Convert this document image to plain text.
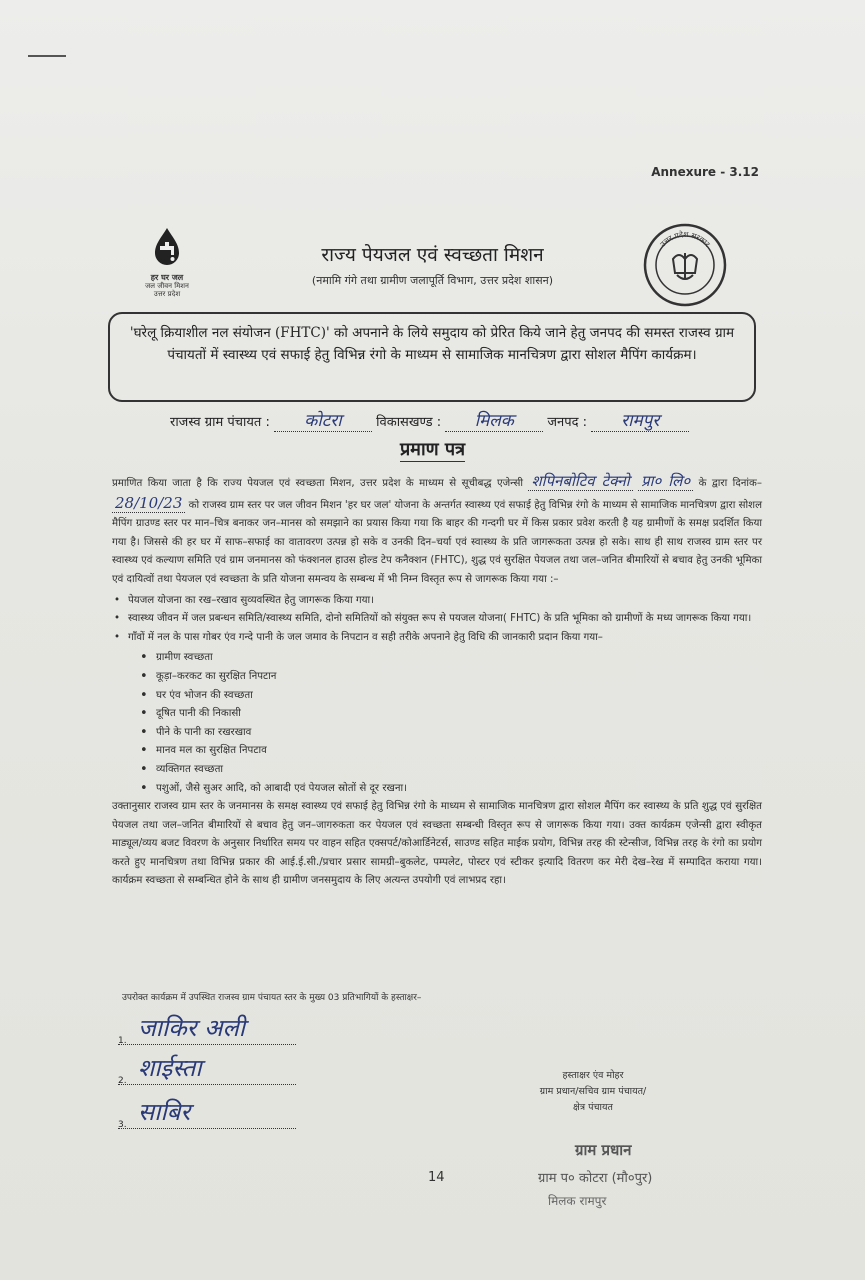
Annexure - 3.12
हर घर जल
जल जीवन मिशन
उत्तर प्रदेश
उत्तर प्रदेश सरकार
राज्य पेयजल एवं स्वच्छता मिशन
(नमामि गंगे तथा ग्रामीण जलापूर्ति विभाग, उत्तर प्रदेश शासन)
'घरेलू क्रियाशील नल संयोजन (FHTC)' को अपनाने के लिये समुदाय को प्रेरित किये जाने हेतु जनपद की समस्त राजस्व ग्राम पंचायतों में स्वास्थ्य एवं सफाई हेतु विभिन्न रंगो के माध्यम से सामाजिक मानचित्रण द्वारा सोशल मैपिंग कार्यक्रम।
राजस्व ग्राम पंचायत : कोटरा	विकासखण्ड : मिलक	जनपद : रामपुर
प्रमाण पत्र

प्रमाणित किया जाता है कि राज्य पेयजल एवं स्वच्छता मिशन, उत्तर प्रदेश के माध्यम से सूचीबद्ध एजेन्सी शपिनबोटिव टेक्नो प्रा० लि० के द्वारा दिनांक– 28/10/23 को राजस्व ग्राम स्तर पर जल जीवन मिशन 'हर घर जल' योजना के अन्तर्गत स्वास्थ्य एवं सफाई हेतु विभिन्न रंगो के माध्यम से सामाजिक मानचित्रण द्वारा सोशल मैपिंग ग्राउण्ड स्तर पर मान–चित्र बनाकर जन–मानस को समझाने का प्रयास किया गया कि बाहर की गन्दगी घर में किस प्रकार प्रवेश करती है यह ग्रामीणों के समक्ष प्रदर्शित किया गया है। जिससे की हर घर में साफ–सफाई का वातावरण उत्पन्न हो सके व उनकी दिन–चर्या एवं स्वास्थ्य के प्रति जागरूकता उत्पन्न हो सके। साथ ही साथ राजस्व ग्राम स्तर पर स्वास्थ्य एवं कल्याण समिति एवं ग्राम जनमानस को फंक्शनल हाउस होल्ड टेप कनैक्शन (FHTC), शुद्ध एवं सुरक्षित पेयजल तथा जल–जनित बीमारियों से बचाव हेतु उनकी भूमिका एवं दायित्वों तथा पेयजल एवं स्वच्छता के प्रति योजना समन्वय के सम्बन्ध में भी निम्न विस्तृत रूप से जागरूक किया गया :–

• पेयजल योजना का रख–रखाव सुव्यवस्थित हेतु जागरूक किया गया।
• स्वास्थ्य जीवन में जल प्रबन्धन समिति/स्वास्थ्य समिति, दोनो समितियों को संयुक्त रूप से पयजल योजना( FHTC) के प्रति भूमिका को ग्रामीणों के मध्य जागरूक किया गया।
• गाँवों में नल के पास गोबर एंव गन्दे पानी के जल जमाव के निपटान व सही तरीके अपनाने हेतु विधि की जानकारी प्रदान किया गया–
• ग्रामीण स्वच्छता
• कूड़ा–करकट का सुरक्षित निपटान
• घर एंव भोजन की स्वच्छता
• दूषित पानी की निकासी
• पीने के पानी का रखरखाव
• मानव मल का सुरक्षित निपटाव
• व्यक्तिगत स्वच्छता
• पशुओं, जैसे सुअर आदि, को आबादी एवं पेयजल स्रोतों से दूर रखना।

उक्तानुसार राजस्व ग्राम स्तर के जनमानस के समक्ष स्वास्थ्य एवं सफाई हेतु विभिन्न रंगो के माध्यम से सामाजिक मानचित्रण द्वारा सोशल मैपिंग कर स्वास्थ्य के प्रति शुद्ध एवं सुरक्षित पेयजल तथा जल–जनित बीमारियों से बचाव हेतु जन–जागरुकता कर पेयजल एवं स्वच्छता सम्बन्धी विस्तृत रूप से जागरूक किया गया। उक्त कार्यक्रम एजेन्सी द्वारा स्वीकृत माड्यूल/व्यय बजट विवरण के अनुसार निर्धारित समय पर वाहन सहित एक्सपर्ट/कोआर्डिनेटर्स, साउण्ड सहित माईक प्रयोग, विभिन्न तरह की स्टेन्सीज, विभिन्न तरह के रंगो का प्रयोग करते हुए मानचित्रण तथा विभिन्न प्रकार की आई.ई.सी./प्रचार प्रसार सामग्री–बुकलेट, पम्पलेट, पोस्टर एवं स्टीकर इत्यादि वितरण कर मेरी देख–रेख में सम्पादित कराया गया। कार्यक्रम स्वच्छता से सम्बन्धित होने के साथ ही ग्रामीण जनसमुदाय के लिए अत्यन्त उपयोगी एवं लाभप्रद रहा।

उपरोक्त कार्यक्रम में उपस्थित राजस्व ग्राम पंचायत स्तर के मुख्य 03 प्रतिभागियों के हस्ताक्षर–
1. जाकिर अली
2. शाईस्ता
3. साबिर
हस्ताक्षर एंव मोहर
ग्राम प्रधान/सचिव ग्राम पंचायत/
क्षेत्र पंचायत
ग्राम प्रधान
ग्राम प० कोटरा (मौ०पुर)
मिलक रामपुर
14
